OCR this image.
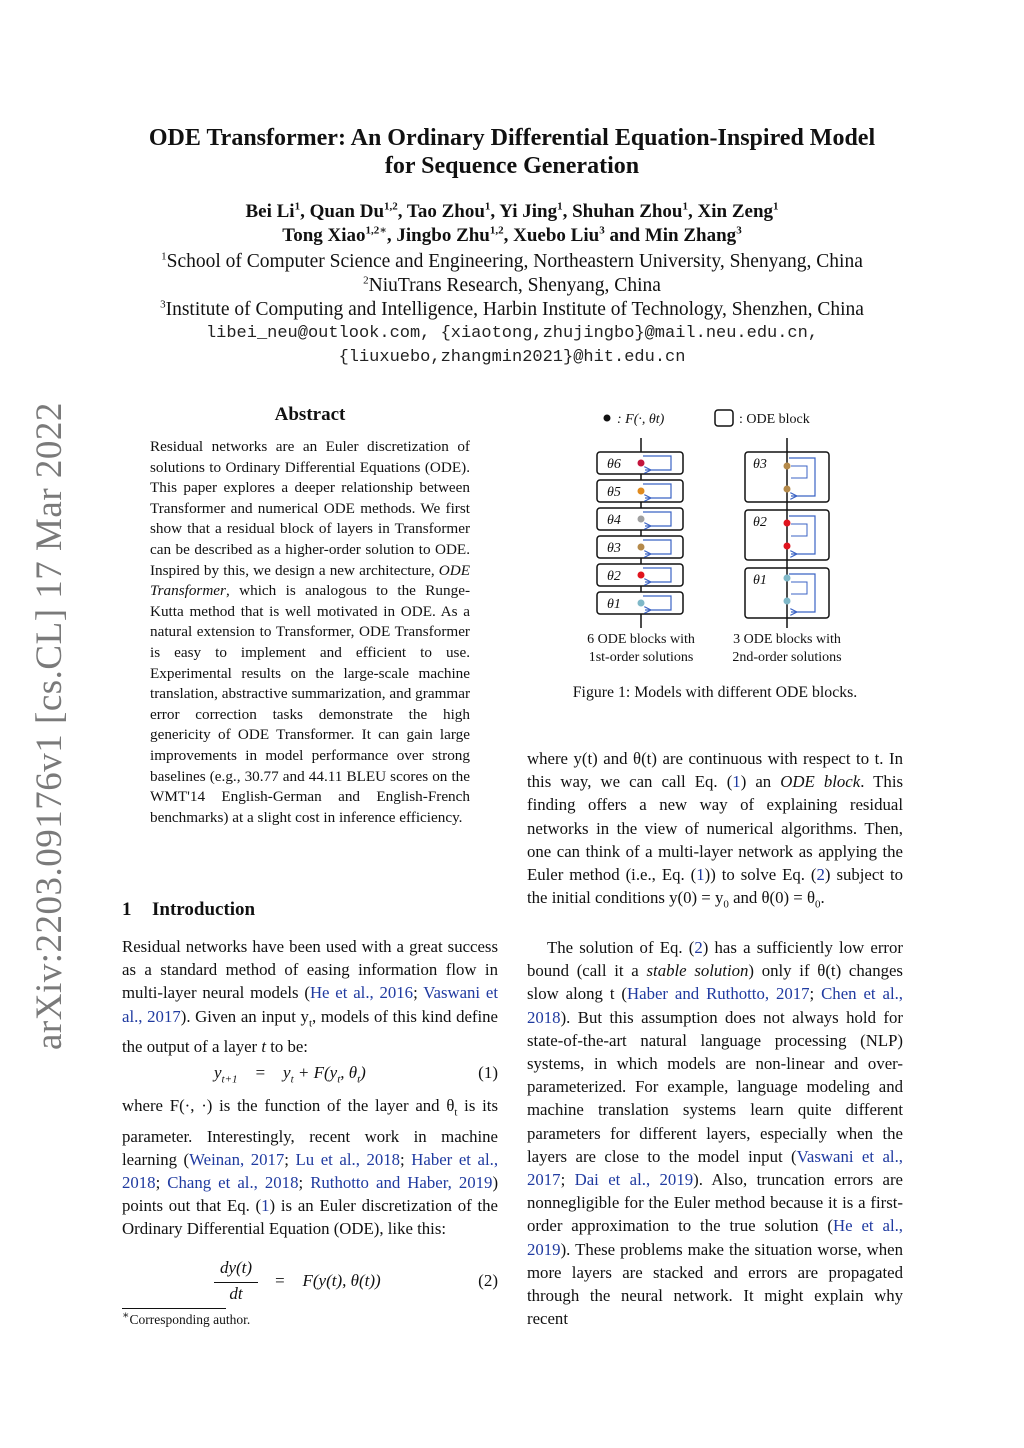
arXiv:2203.09176v1 [cs.CL] 17 Mar 2022
ODE Transformer: An Ordinary Differential Equation-Inspired Model
for Sequence Generation
Bei Li$^1$, Quan Du$^{1,2}$, Tao Zhou$^1$, Yi Jing$^1$, Shuhan Zhou$^1$, Xin Zeng$^1$
Tong Xiao$^{1,2∗}$, Jingbo Zhu$^{1,2}$, Xuebo Liu$^3$ and Min Zhang$^3$
$^1$School of Computer Science and Engineering, Northeastern University, Shenyang, China
$^2$NiuTrans Research, Shenyang, China
$^3$Institute of Computing and Intelligence, Harbin Institute of Technology, Shenzhen, China
libei_neu@outlook.com, {xiaotong,zhujingbo}@mail.neu.edu.cn,
{liuxuebo,zhangmin2021}@hit.edu.cn
Abstract
Residual networks are an Euler discretization of solutions to Ordinary Differential Equations (ODE). This paper explores a deeper relationship between Transformer and numerical ODE methods. We first show that a residual block of layers in Transformer can be described as a higher-order solution to ODE. Inspired by this, we design a new architecture, ODE Transformer, which is analogous to the Runge-Kutta method that is well motivated in ODE. As a natural extension to Transformer, ODE Transformer is easy to implement and efficient to use. Experimental results on the large-scale machine translation, abstractive summarization, and grammar error correction tasks demonstrate the high genericity of ODE Transformer. It can gain large improvements in model performance over strong baselines (e.g., 30.77 and 44.11 BLEU scores on the WMT'14 English-German and English-French benchmarks) at a slight cost in inference efficiency.
1 Introduction
Residual networks have been used with a great success as a standard method of easing information flow in multi-layer neural models (He et al., 2016; Vaswani et al., 2017). Given an input $y_t$, models of this kind define the output of a layer t to be:
$y_{t+1}$    =    $y_t + F(y_t$, $\theta_t$)	(1)
where F(·, ·) is the function of the layer and $\theta_t$ is its parameter. Interestingly, recent work in machine learning (Weinan, 2017; Lu et al., 2018; Haber et al., 2018; Chang et al., 2018; Ruthotto and Haber, 2019) points out that Eq. (1) is an Euler discretization of the Ordinary Differential Equation (ODE), like this:
dy(t)
dt
=    F(y(t), θ(t))	(2)
∗Corresponding author.
: F(·, θt)	: ODE block
θ6
θ5
θ4
θ3
θ2
θ1
θ3
θ2
θ1
6 ODE blocks with
1st-order solutions
3 ODE blocks with
2nd-order solutions
Figure 1: Models with different ODE blocks.
where y(t) and θ(t) are continuous with respect to t. In this way, we can call Eq. (1) an ODE block. This finding offers a new way of explaining residual networks in the view of numerical algorithms. Then, one can think of a multi-layer network as applying the Euler method (i.e., Eq. (1)) to solve Eq. (2) subject to the initial conditions $y(0) = y_0$ and $\theta(0) = \theta_0$.
The solution of Eq. (2) has a sufficiently low error bound (call it a stable solution) only if θ(t) changes slow along t (Haber and Ruthotto, 2017; Chen et al., 2018). But this assumption does not always hold for state-of-the-art natural language processing (NLP) systems, in which models are non-linear and over-parameterized. For example, language modeling and machine translation systems learn quite different parameters for different layers, especially when the layers are close to the model input (Vaswani et al., 2017; Dai et al., 2019). Also, truncation errors are nonnegligible for the Euler method because it is a first-order approximation to the true solution (He et al., 2019). These problems make the situation worse, when more layers are stacked and errors are propagated through the neural network. It might explain why recent
